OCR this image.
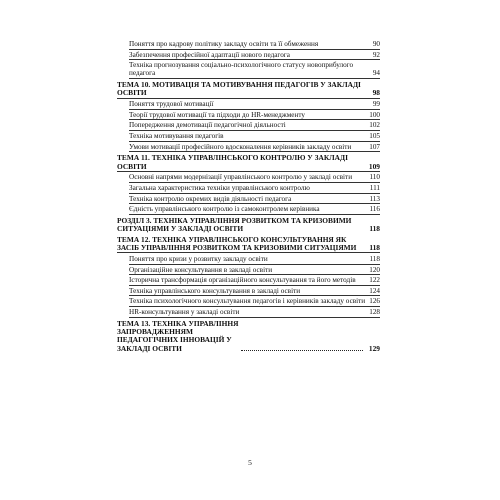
Поняття про кадрову політику закладу освіти та її обмеження	90
Забезпечення професійної адаптації нового педагога	92
Техніка прогнозування соціально-психологічного статусу новоприбулого педагога	94
ТЕМА 10. МОТИВАЦІЯ ТА МОТИВУВАННЯ ПЕДАГОГІВ У ЗАКЛАДІ ОСВІТИ	98
Поняття трудової мотивації	99
Теорії трудової мотивації та підходи до HR-менеджменту	100
Попередження демотивації педагогічної діяльності	102
Техніка мотивування педагогів	105
Умови мотивації професійного вдосконалення керівників закладу освіти	107
ТЕМА 11. ТЕХНІКА УПРАВЛІНСЬКОГО КОНТРОЛЮ У ЗАКЛАДІ ОСВІТИ	109
Основні напрями модернізації управлінського контролю у закладі освіти	110
Загальна характеристика техніки управлінського контролю	111
Техніка контролю окремих видів діяльності педагога	113
Єдність управлінського контролю із самоконтролем керівника	116
РОЗДІЛ 3. ТЕХНІКА УПРАВЛІННЯ РОЗВИТКОМ ТА КРИЗОВИМИ СИТУАЦІЯМИ У ЗАКЛАДІ ОСВІТИ	118
ТЕМА 12. ТЕХНІКА УПРАВЛІНСЬКОГО КОНСУЛЬТУВАННЯ ЯК ЗАСІБ УПРАВЛІННЯ РОЗВИТКОМ ТА КРИЗОВИМИ СИТУАЦІЯМИ	118
Поняття про кризи у розвитку закладу освіти	118
Організаційне консультування в закладі освіти	120
Історична трансформація організаційного консультування та його методів	122
Техніка управлінського консультування в закладі освіти	124
Техніка психологічного консультування педагогів і керівників закладу освіти 126
HR-консультування у закладі освіти	128
ТЕМА 13. ТЕХНІКА УПРАВЛІННЯ ЗАПРОВАДЖЕННЯМ ПЕДАГОГІЧНИХ ІННОВАЦІЙ У ЗАКЛАДІ ОСВІТИ	129
5
